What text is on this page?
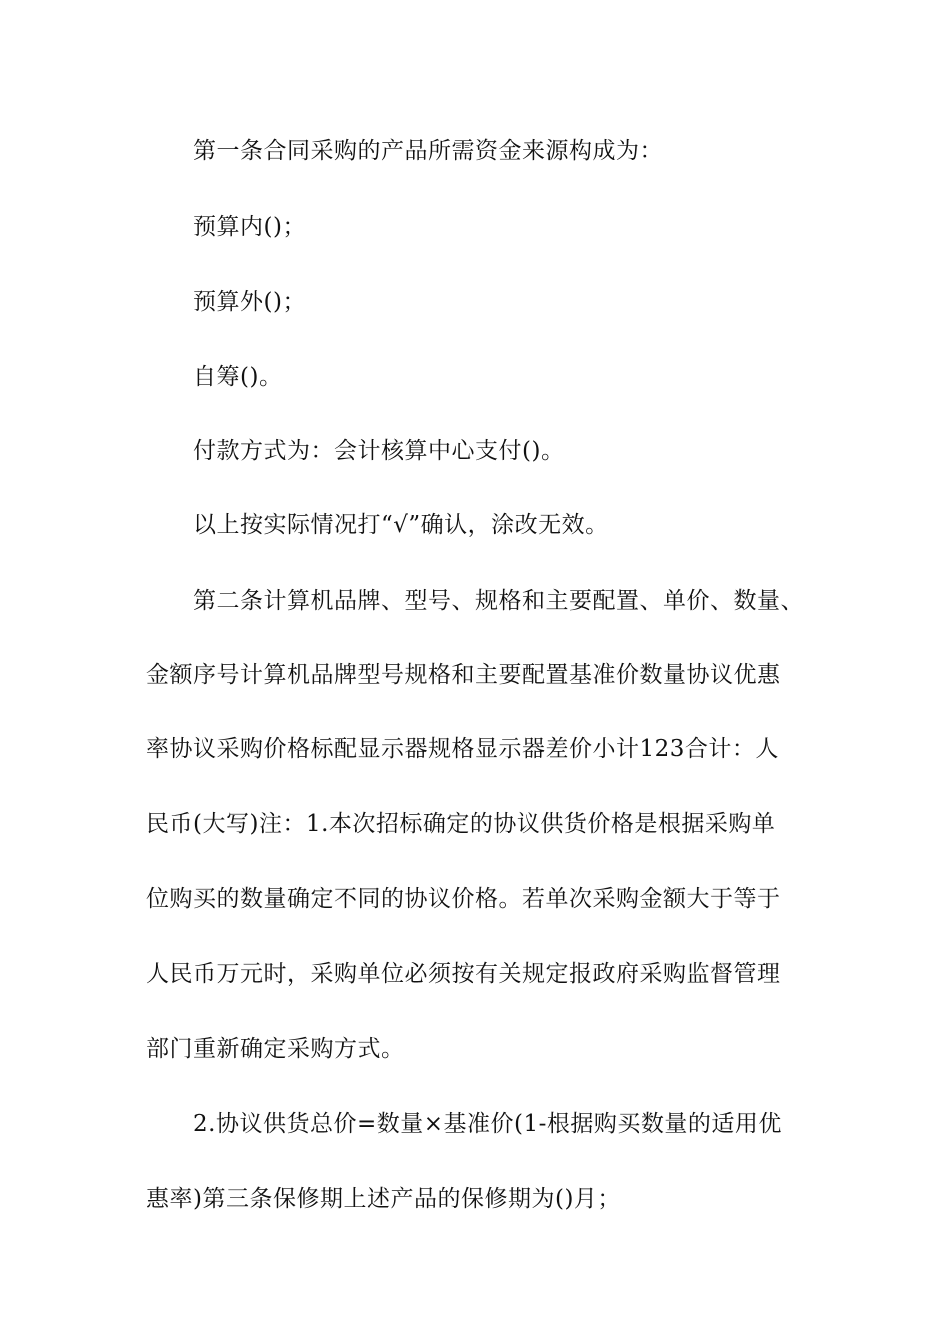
第一条合同采购的产品所需资金来源构成为：
预算内()；
预算外()；
自筹()。
付款方式为：会计核算中心支付()。
以上按实际情况打“√”确认，涂改无效。
第二条计算机品牌、型号、规格和主要配置、单价、数量、
金额序号计算机品牌型号规格和主要配置基准价数量协议优惠
率协议采购价格标配显示器规格显示器差价小计123合计：人
民币(大写)注：1.本次招标确定的协议供货价格是根据采购单
位购买的数量确定不同的协议价格。若单次采购金额大于等于
人民币万元时，采购单位必须按有关规定报政府采购监督管理
部门重新确定采购方式。
2.协议供货总价=数量×基准价(1-根据购买数量的适用优
惠率)第三条保修期上述产品的保修期为()月；
